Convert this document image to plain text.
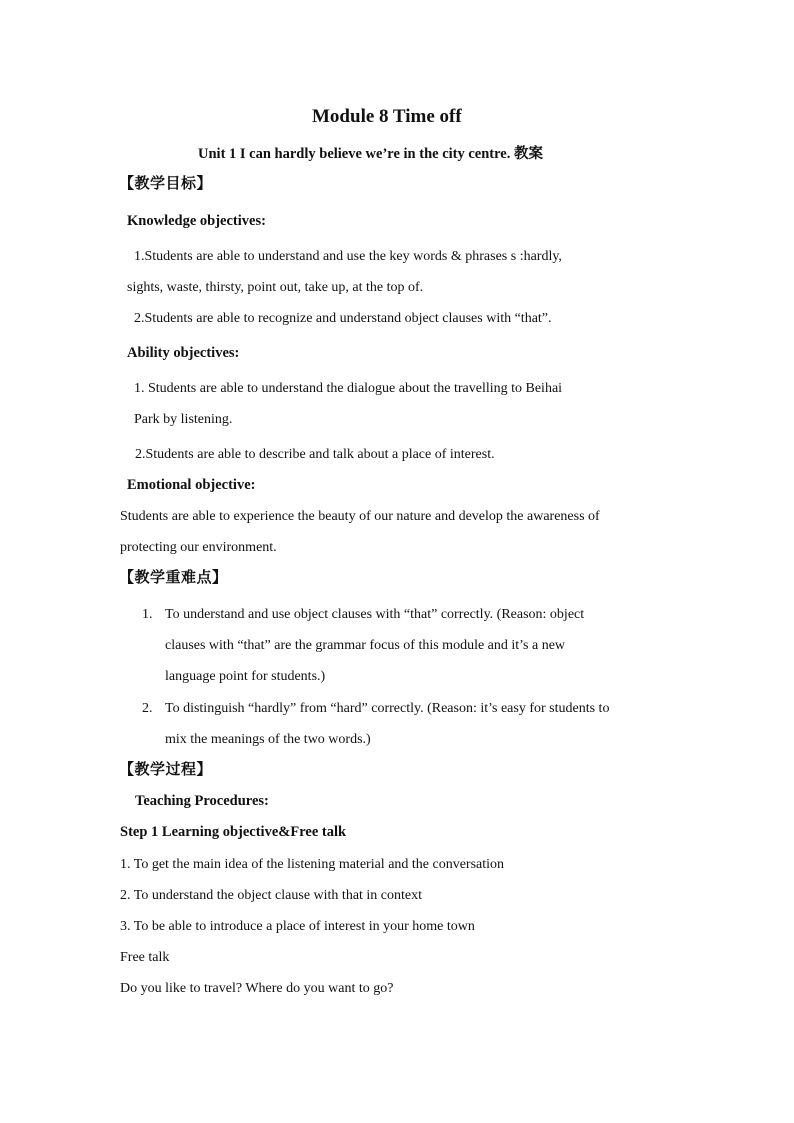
Module 8 Time off
Unit 1 I can hardly believe we’re in the city centre. 教案
【教学目标】
Knowledge objectives:
1.Students are able to understand and use the key words & phrases s :hardly,
sights, waste, thirsty, point out, take up, at the top of.
2.Students are able to recognize and understand object clauses with “that”.
Ability objectives:
1. Students are able to understand the dialogue about the travelling to Beihai
Park by listening.
2.Students are able to describe and talk about a place of interest.
Emotional objective:
Students are able to experience the beauty of our nature and develop the awareness of
protecting our environment.
【教学重难点】
1. To understand and use object clauses with “that” correctly. (Reason: object
clauses with “that” are the grammar focus of this module and it’s a new
language point for students.)
2. To distinguish “hardly” from “hard” correctly. (Reason: it’s easy for students to
mix the meanings of the two words.)
【教学过程】
Teaching Procedures:
Step 1 Learning objective&Free talk
1. To get the main idea of the listening material and the conversation
2. To understand the object clause with that in context
3. To be able to introduce a place of interest in your home town
Free talk
Do you like to travel? Where do you want to go?
